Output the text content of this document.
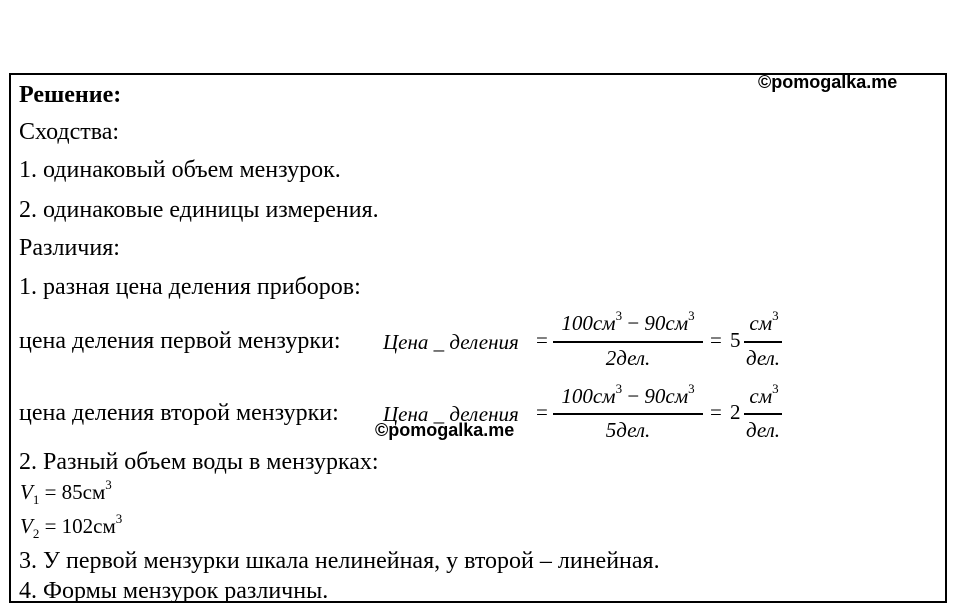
©pomogalka.me
Решение:
Сходства:
1. одинаковый объем мензурок.
2. одинаковые единицы измерения.
Различия:
1. разная цена деления приборов:
цена деления первой мензурки: Цена _ деления =
$100см^3 - 90см^3$
2дел.
= 5
$см^3$
дел.
цена деления второй мензурки: Цена _ деления =
$100см^3 - 90см^3$
5дел.
= 2
$см^3$
дел.
©pomogalka.me
2. Разный объем воды в мензурках:
$V_1 = 85см^3$
$V_2 = 102см^3$
3. У первой мензурки шкала нелинейная, у второй – линейная.
4. Формы мензурок различны.
